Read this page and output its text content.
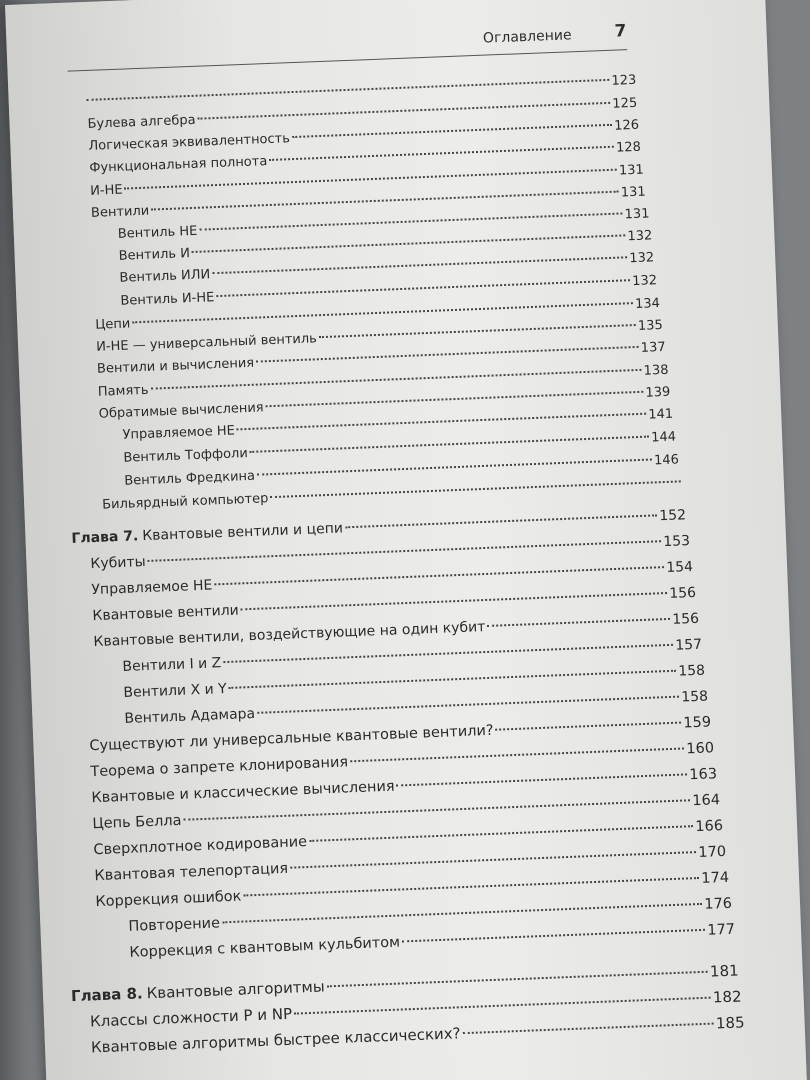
Оглавление 7
123
Булева алгебра
125
Логическая эквивалентность
126
Функциональная полнота
128
И-НЕ
131
Вентили
131
Вентиль НЕ
131
Вентиль И
132
Вентиль ИЛИ
132
Вентиль И-НЕ
132
Цепи
134
И-НЕ — универсальный вентиль
135
Вентили и вычисления
137
Память
138
Обратимые вычисления
139
Управляемое НЕ
141
Вентиль Тоффоли
144
Вентиль Фредкина
146
Бильярдный компьютер
Глава 7. Квантовые вентили и цепи
152
Кубиты
153
Управляемое НЕ
154
Квантовые вентили
156
Квантовые вентили, воздействующие на один кубит	156
Вентили I и Z
157
Вентили X и Y
158
Вентиль Адамара
158
Существуют ли универсальные квантовые вентили?	159
Теорема о запрете клонирования
160
Квантовые и классические вычисления
163
Цепь Белла
164
Сверхплотное кодирование
166
Квантовая телепортация
170
Коррекция ошибок
174
Повторение
176
Коррекция с квантовым кульбитом
177
Глава 8. Квантовые алгоритмы
181
Классы сложности P и NP
182
Квантовые алгоритмы быстрее классических?
185
